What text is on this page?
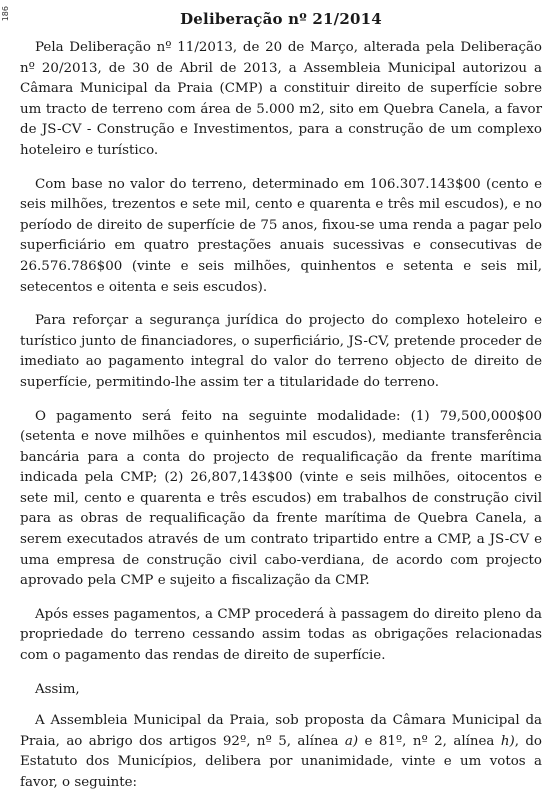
186	Deliberação nº 21/2014

Pela Deliberação nº 11/2013, de 20 de Março, alterada pela Deliberação nº 20/2013, de 30 de Abril de 2013, a Assembleia Municipal autorizou a Câmara Municipal da Praia (CMP) a constituir direito de superfície sobre um tracto de terreno com área de 5.000 m2, sito em Quebra Canela, a favor de JS-CV - Construção e Investimentos, para a construção de um complexo hoteleiro e turístico.

Com base no valor do terreno, determinado em 106.307.143$00 (cento e seis milhões, trezentos e sete mil, cento e quarenta e três mil escudos), e no período de direito de superfície de 75 anos, fixou-se uma renda a pagar pelo superficiário em quatro prestações anuais sucessivas e consecutivas de 26.576.786$00 (vinte e seis milhões, quinhentos e setenta e seis mil, setecentos e oitenta e seis escudos).

Para reforçar a segurança jurídica do projecto do complexo hoteleiro e turístico junto de financiadores, o superficiário, JS-CV, pretende proceder de imediato ao pagamento integral do valor do terreno objecto de direito de superfície, permitindo-lhe assim ter a titularidade do terreno.

O pagamento será feito na seguinte modalidade: (1) 79,500,000$00 (setenta e nove milhões e quinhentos mil escudos), mediante transferência bancária para a conta do projecto de requalificação da frente marítima indicada pela CMP; (2) 26,807,143$00 (vinte e seis milhões, oitocentos e sete mil, cento e quarenta e três escudos) em trabalhos de construção civil para as obras de requalificação da frente marítima de Quebra Canela, a serem executados através de um contrato tripartido entre a CMP, a JS-CV e uma empresa de construção civil cabo-verdiana, de acordo com projecto aprovado pela CMP e sujeito a fiscalização da CMP.

Após esses pagamentos, a CMP procederá à passagem do direito pleno da propriedade do terreno cessando assim todas as obrigações relacionadas com o pagamento das rendas de direito de superfície.

Assim,

A Assembleia Municipal da Praia, sob proposta da Câmara Municipal da Praia, ao abrigo dos artigos 92º, nº 5, alínea a) e 81º, nº 2, alínea h), do Estatuto dos Municípios, delibera por unanimidade, vinte e um votos a favor, o seguinte:
